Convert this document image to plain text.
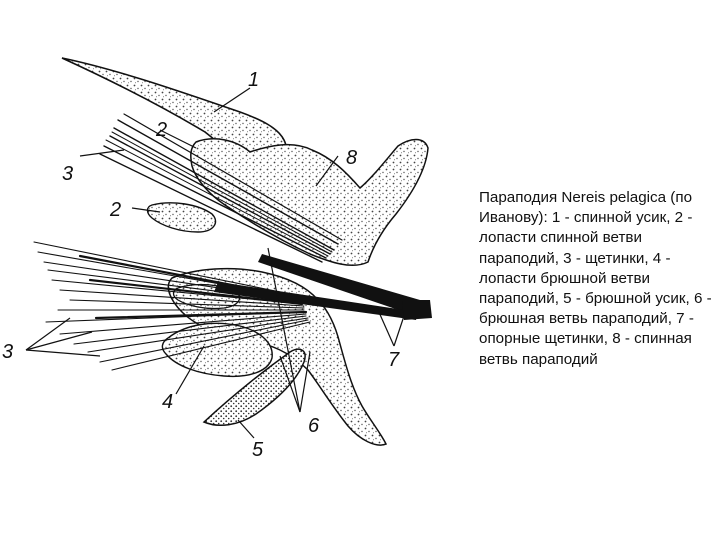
1
2
3
2
8
3
4
5
6
7
Параподия Nereis pelagica (по Иванову): 1 - спинной усик, 2 - лопасти спинной ветви параподий, 3 - щетинки, 4 - лопасти брюшной ветви параподий, 5 - брюшной усик, 6 - брюшная ветвь параподий, 7 - опорные щетинки, 8 - спинная ветвь параподий
